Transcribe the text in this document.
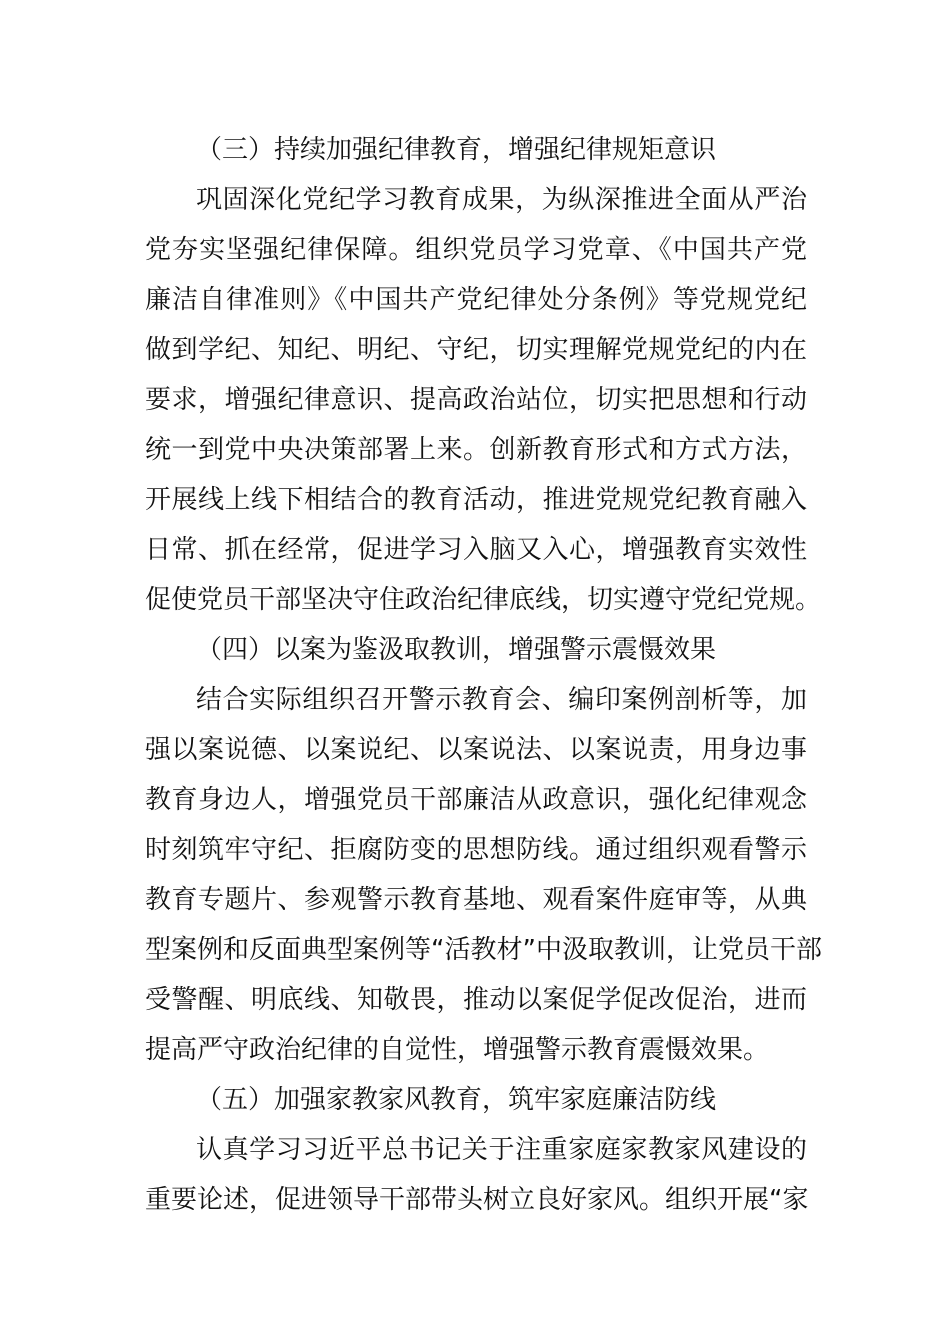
（三）持续加强纪律教育，增强纪律规矩意识
巩固深化党纪学习教育成果，为纵深推进全面从严治
党夯实坚强纪律保障。组织党员学习党章、《中国共产党
廉洁自律准则》《中国共产党纪律处分条例》等党规党纪
做到学纪、知纪、明纪、守纪，切实理解党规党纪的内在
要求，增强纪律意识、提高政治站位，切实把思想和行动
统一到党中央决策部署上来。创新教育形式和方式方法，
开展线上线下相结合的教育活动，推进党规党纪教育融入
日常、抓在经常，促进学习入脑又入心，增强教育实效性
促使党员干部坚决守住政治纪律底线，切实遵守党纪党规。
（四）以案为鉴汲取教训，增强警示震慑效果
结合实际组织召开警示教育会、编印案例剖析等，加
强以案说德、以案说纪、以案说法、以案说责，用身边事
教育身边人，增强党员干部廉洁从政意识，强化纪律观念
时刻筑牢守纪、拒腐防变的思想防线。通过组织观看警示
教育专题片、参观警示教育基地、观看案件庭审等，从典
型案例和反面典型案例等“活教材”中汲取教训，让党员干部
受警醒、明底线、知敬畏，推动以案促学促改促治，进而
提高严守政治纪律的自觉性，增强警示教育震慑效果。
（五）加强家教家风教育，筑牢家庭廉洁防线
认真学习习近平总书记关于注重家庭家教家风建设的
重要论述，促进领导干部带头树立良好家风。组织开展“家
